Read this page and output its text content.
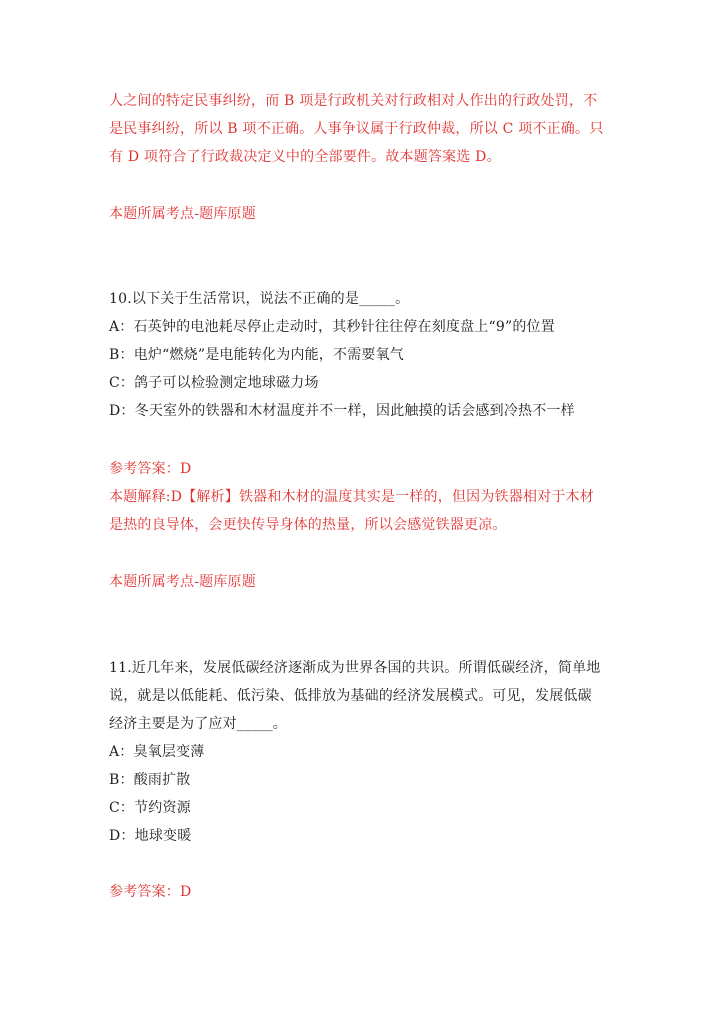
人之间的特定民事纠纷，而 B 项是行政机关对行政相对人作出的行政处罚，不
是民事纠纷，所以 B 项不正确。人事争议属于行政仲裁，所以 C 项不正确。只
有 D 项符合了行政裁决定义中的全部要件。故本题答案选 D。
本题所属考点-题库原题
10.以下关于生活常识，说法不正确的是_____。
A：石英钟的电池耗尽停止走动时，其秒针往往停在刻度盘上“9”的位置
B：电炉“燃烧”是电能转化为内能，不需要氧气
C：鸽子可以检验测定地球磁力场
D：冬天室外的铁器和木材温度并不一样，因此触摸的话会感到冷热不一样
参考答案：D
本题解释:D【解析】铁器和木材的温度其实是一样的，但因为铁器相对于木材
是热的良导体，会更快传导身体的热量，所以会感觉铁器更凉。
本题所属考点-题库原题
11.近几年来，发展低碳经济逐渐成为世界各国的共识。所谓低碳经济，简单地
说，就是以低能耗、低污染、低排放为基础的经济发展模式。可见，发展低碳
经济主要是为了应对_____。
A：臭氧层变薄
B：酸雨扩散
C：节约资源
D：地球变暖
参考答案：D
